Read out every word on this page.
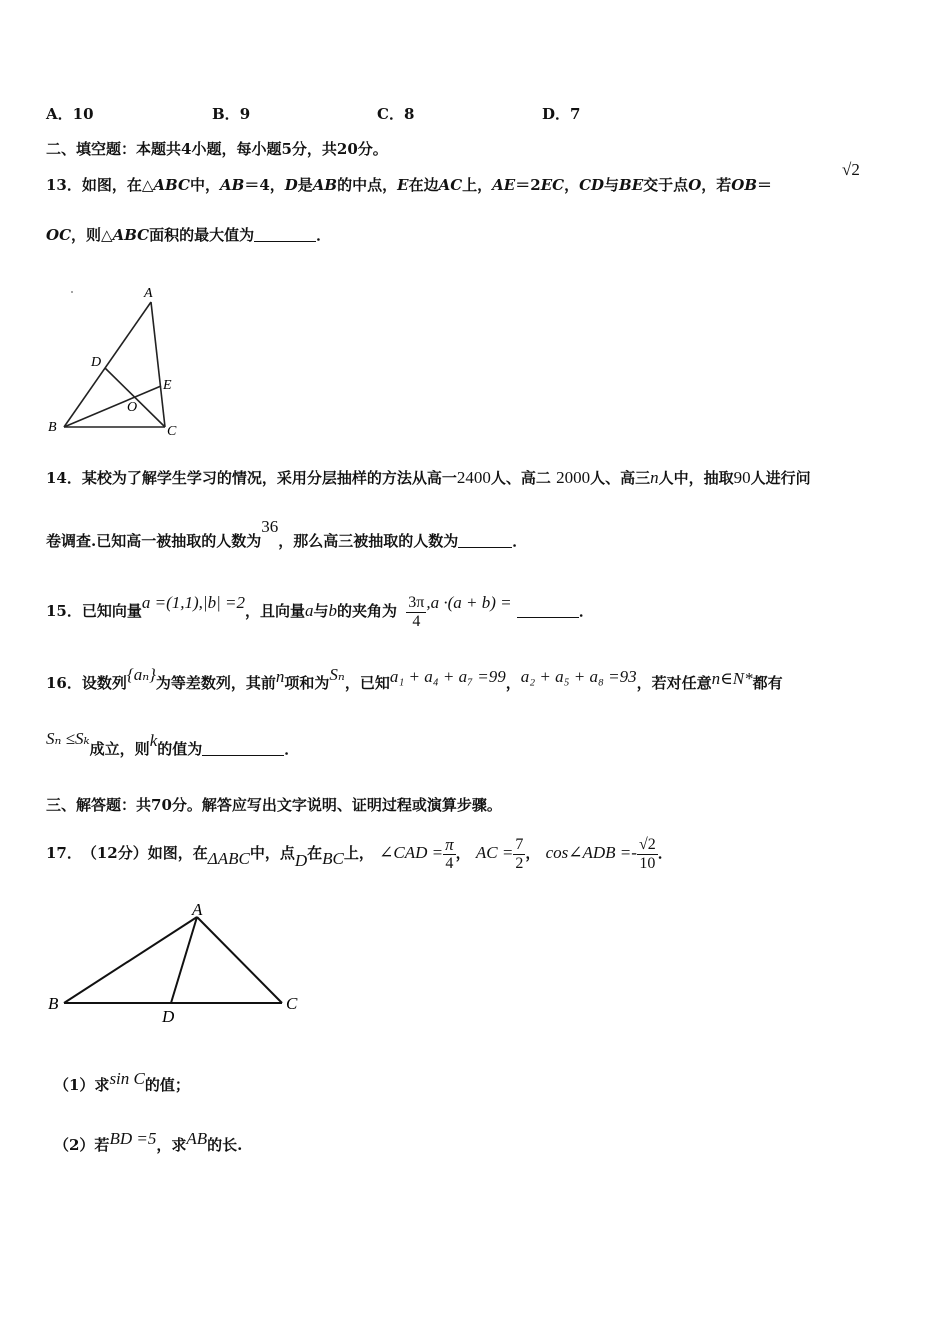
A．10	B．9	C．8	D．7
二、填空题：本题共4小题，每小题5分，共20分。
13．如图，在△ABC中，AB＝4，D是AB的中点，E在边AC上，AE＝2EC，CD与BE交于点O，若OB＝
√2
OC，则△ABC面积的最大值为	．
A
B	C
D
E
O
14．某校为了解学生学习的情况，采用分层抽样的方法从高一2400人、高二 2000人、高三n人中，抽取90人进行问
卷调查.已知高一被抽取的人数为36，那么高三被抽取的人数为	．
15．已知向量a =(1,1),|b| =2，且向量a与b的夹角为 $\frac{3\pi}{4} ,a \cdot(a + b)$ =	．
16．设数列{aₙ}为等差数列，其前n项和为Sₙ，已知a₁ + a₄ + a₇ =99，a₂ + a₅ + a₈ =93，若对任意n∈N*都有
Sₙ ≤Sₖ成立，则k的值为	．
三、解答题：共70分。解答应写出文字说明、证明过程或演算步骤。
17．（12分）如图，在ΔABC中，点D在BC上， ∠CAD = $\frac{\pi}{4}$ ， AC = $\frac{7}{2}$ ， cos∠ADB =- $\frac{√2}{10}$ ．
A
B	C
D
（1）求sin C的值；
（2）若BD =5，求AB的长.
